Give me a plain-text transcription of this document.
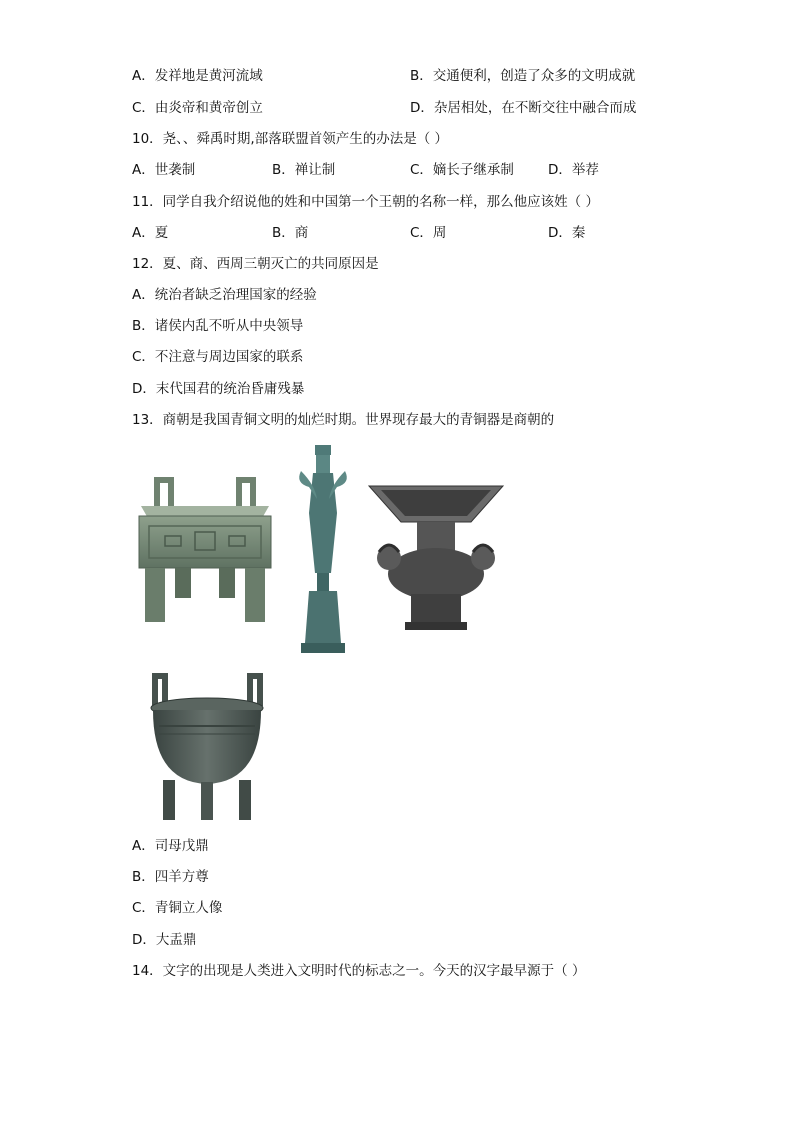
A．发祥地是黄河流域	B．交通便利，创造了众多的文明成就
C．由炎帝和黄帝创立	D．杂居相处，在不断交往中融合而成
10．尧、、舜禹时期,部落联盟首领产生的办法是（ ）
A．世袭制	B．禅让制	C．嫡长子继承制	D．举荐
11．同学自我介绍说他的姓和中国第一个王朝的名称一样，那么他应该姓（ ）
A．夏	B．商	C．周	D．秦
12．夏、商、西周三朝灭亡的共同原因是
A．统治者缺乏治理国家的经验
B．诸侯内乱不听从中央领导
C．不注意与周边国家的联系
D．末代国君的统治昏庸残暴
13．商朝是我国青铜文明的灿烂时期。世界现存最大的青铜器是商朝的
A．司母戊鼎
B．四羊方尊
C．青铜立人像
D．大盂鼎
14．文字的出现是人类进入文明时代的标志之一。今天的汉字最早源于（ ）
